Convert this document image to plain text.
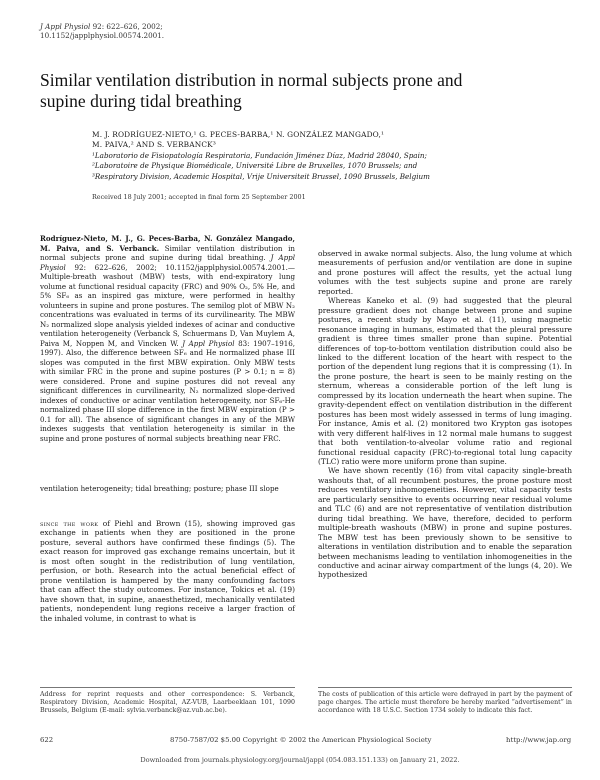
J Appl Physiol 92: 622–626, 2002;
10.1152/japplphysiol.00574.2001.
Similar ventilation distribution in normal subjects prone and supine during tidal breathing
M. J. RODRÍGUEZ-NIETO,¹ G. PECES-BARBA,¹ N. GONZÁLEZ MANGADO,¹
M. PAIVA,² AND S. VERBANCK³
¹Laboratorio de Fisiopatología Respiratoria, Fundación Jiménez Díaz, Madrid 28040, Spain;
²Laboratoire de Physique Biomédicale, Université Libre de Bruxelles, 1070 Brussels; and
³Respiratory Division, Academic Hospital, Vrije Universiteit Brussel, 1090 Brussels, Belgium
Received 18 July 2001; accepted in final form 25 September 2001
Rodríguez-Nieto, M. J., G. Peces-Barba, N. González Mangado, M. Paiva, and S. Verbanck. Similar ventilation distribution in normal subjects prone and supine during tidal breathing. J Appl Physiol 92: 622–626, 2002; 10.1152/japplphysiol.00574.2001.—Multiple-breath washout (MBW) tests, with end-expiratory lung volume at functional residual capacity (FRC) and 90% O₂, 5% He, and 5% SF₆ as an inspired gas mixture, were performed in healthy volunteers in supine and prone postures. The semilog plot of MBW N₂ concentrations was evaluated in terms of its curvilinearity. The MBW N₂ normalized slope analysis yielded indexes of acinar and conductive ventilation heterogeneity (Verbanck S, Schuermans D, Van Muylem A, Paiva M, Noppen M, and Vincken W. J Appl Physiol 83: 1907–1916, 1997). Also, the difference between SF₆ and He normalized phase III slopes was computed in the first MBW expiration. Only MBW tests with similar FRC in the prone and supine postures (P > 0.1; n = 8) were considered. Prone and supine postures did not reveal any significant differences in curvilinearity, N₂ normalized slope-derived indexes of conductive or acinar ventilation heterogeneity, nor SF₆-He normalized phase III slope difference in the first MBW expiration (P > 0.1 for all). The absence of significant changes in any of the MBW indexes suggests that ventilation heterogeneity is similar in the supine and prone postures of normal subjects breathing near FRC.
ventilation heterogeneity; tidal breathing; posture; phase III slope

since the work of Piehl and Brown (15), showing improved gas exchange in patients when they are positioned in the prone posture, several authors have confirmed these findings (5). The exact reason for improved gas exchange remains uncertain, but it is most often sought in the redistribution of lung ventilation, perfusion, or both. Research into the actual beneficial effect of prone ventilation is hampered by the many confounding factors that can affect the study outcomes. For instance, Tokics et al. (19) have shown that, in supine, anaesthetized, mechanically ventilated patients, nondependent lung regions receive a larger fraction of the inhaled volume, in contrast to what is

observed in awake normal subjects. Also, the lung volume at which measurements of perfusion and/or ventilation are done in supine and prone postures will affect the results, yet the actual lung volumes with the test subjects supine and prone are rarely reported.

Whereas Kaneko et al. (9) had suggested that the pleural pressure gradient does not change between prone and supine postures, a recent study by Mayo et al. (11), using magnetic resonance imaging in humans, estimated that the pleural pressure gradient is three times smaller prone than supine. Potential differences of top-to-bottom ventilation distribution could also be linked to the different location of the heart with respect to the portion of the dependent lung regions that it is compressing (1). In the prone posture, the heart is seen to be mainly resting on the sternum, whereas a considerable portion of the left lung is compressed by its location underneath the heart when supine. The gravity-dependent effect on ventilation distribution in the different postures has been most widely assessed in terms of lung imaging. For instance, Amis et al. (2) monitored two Krypton gas isotopes with very different half-lives in 12 normal male humans to suggest that both ventilation-to-alveolar volume ratio and regional functional residual capacity (FRC)-to-regional total lung capacity (TLC) ratio were more uniform prone than supine.

We have shown recently (16) from vital capacity single-breath washouts that, of all recumbent postures, the prone posture most reduces ventilatory inhomogeneities. However, vital capacity tests are particularly sensitive to events occurring near residual volume and TLC (6) and are not representative of ventilation distribution during tidal breathing. We have, therefore, decided to perform multiple-breath washouts (MBW) in prone and supine postures. The MBW test has been previously shown to be sensitive to alterations in ventilation distribution and to enable the separation between mechanisms leading to ventilation inhomogeneities in the conductive and acinar airway compartment of the lungs (4, 20). We hypothesized

Address for reprint requests and other correspondence: S. Verbanck, Respiratory Division, Academic Hospital, AZ-VUB, Laarbeeklaan 101, 1090 Brussels, Belgium (E-mail: sylvia.verbanck@az.vub.ac.be).
The costs of publication of this article were defrayed in part by the payment of page charges. The article must therefore be hereby marked “advertisement” in accordance with 18 U.S.C. Section 1734 solely to indicate this fact.
622	8750-7587/02 $5.00 Copyright © 2002 the American Physiological Society	http://www.jap.org
Downloaded from journals.physiology.org/journal/jappl (054.083.151.133) on January 21, 2022.
